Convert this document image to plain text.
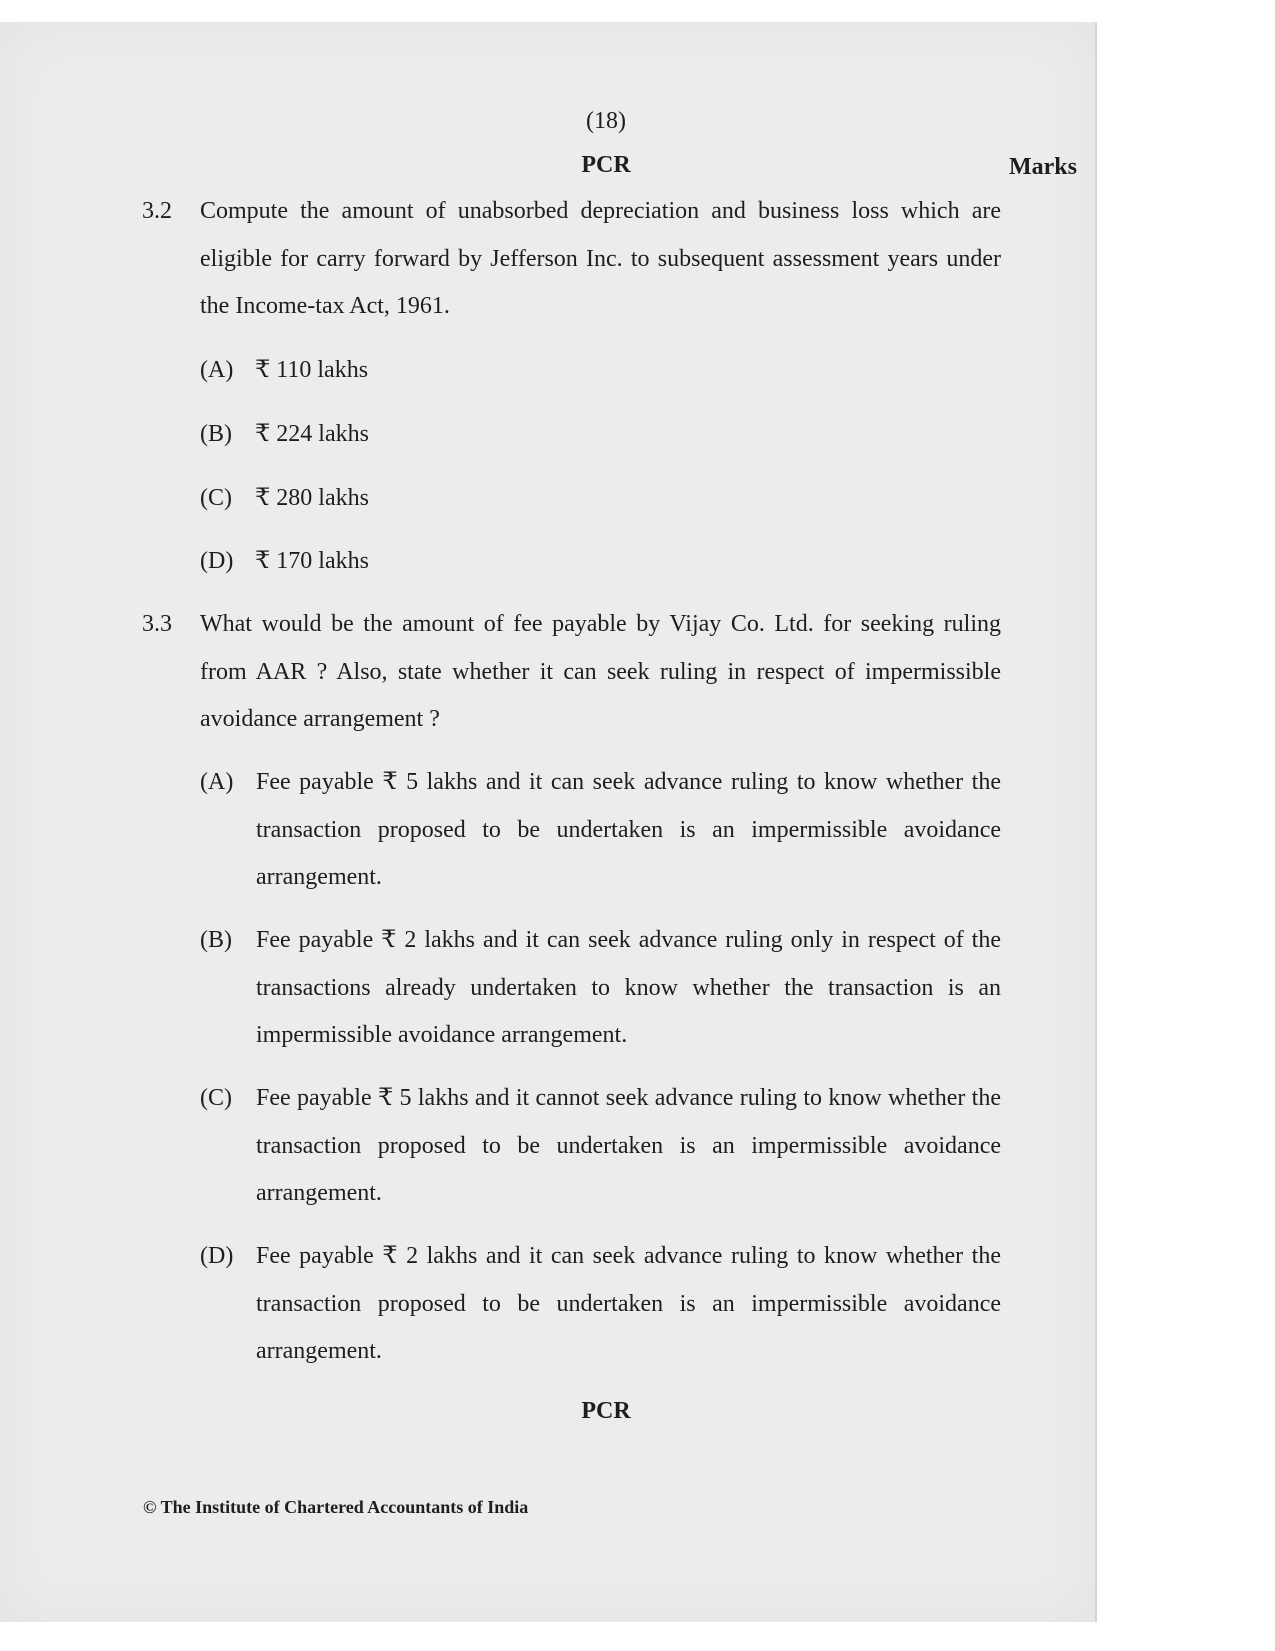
(18)
PCR	Marks
3.2 Compute the amount of unabsorbed depreciation and business loss which are eligible for carry forward by Jefferson Inc. to subsequent assessment years under the Income-tax Act, 1961.
(A) ₹ 110 lakhs
(B) ₹ 224 lakhs
(C) ₹ 280 lakhs
(D) ₹ 170 lakhs
3.3 What would be the amount of fee payable by Vijay Co. Ltd. for seeking ruling from AAR ? Also, state whether it can seek ruling in respect of impermissible avoidance arrangement ?
(A) Fee payable ₹ 5 lakhs and it can seek advance ruling to know whether the transaction proposed to be undertaken is an impermissible avoidance arrangement.
(B) Fee payable ₹ 2 lakhs and it can seek advance ruling only in respect of the transactions already undertaken to know whether the transaction is an impermissible avoidance arrangement.
(C) Fee payable ₹ 5 lakhs and it cannot seek advance ruling to know whether the transaction proposed to be undertaken is an impermissible avoidance arrangement.
(D) Fee payable ₹ 2 lakhs and it can seek advance ruling to know whether the transaction proposed to be undertaken is an impermissible avoidance arrangement.
PCR
© The Institute of Chartered Accountants of India
